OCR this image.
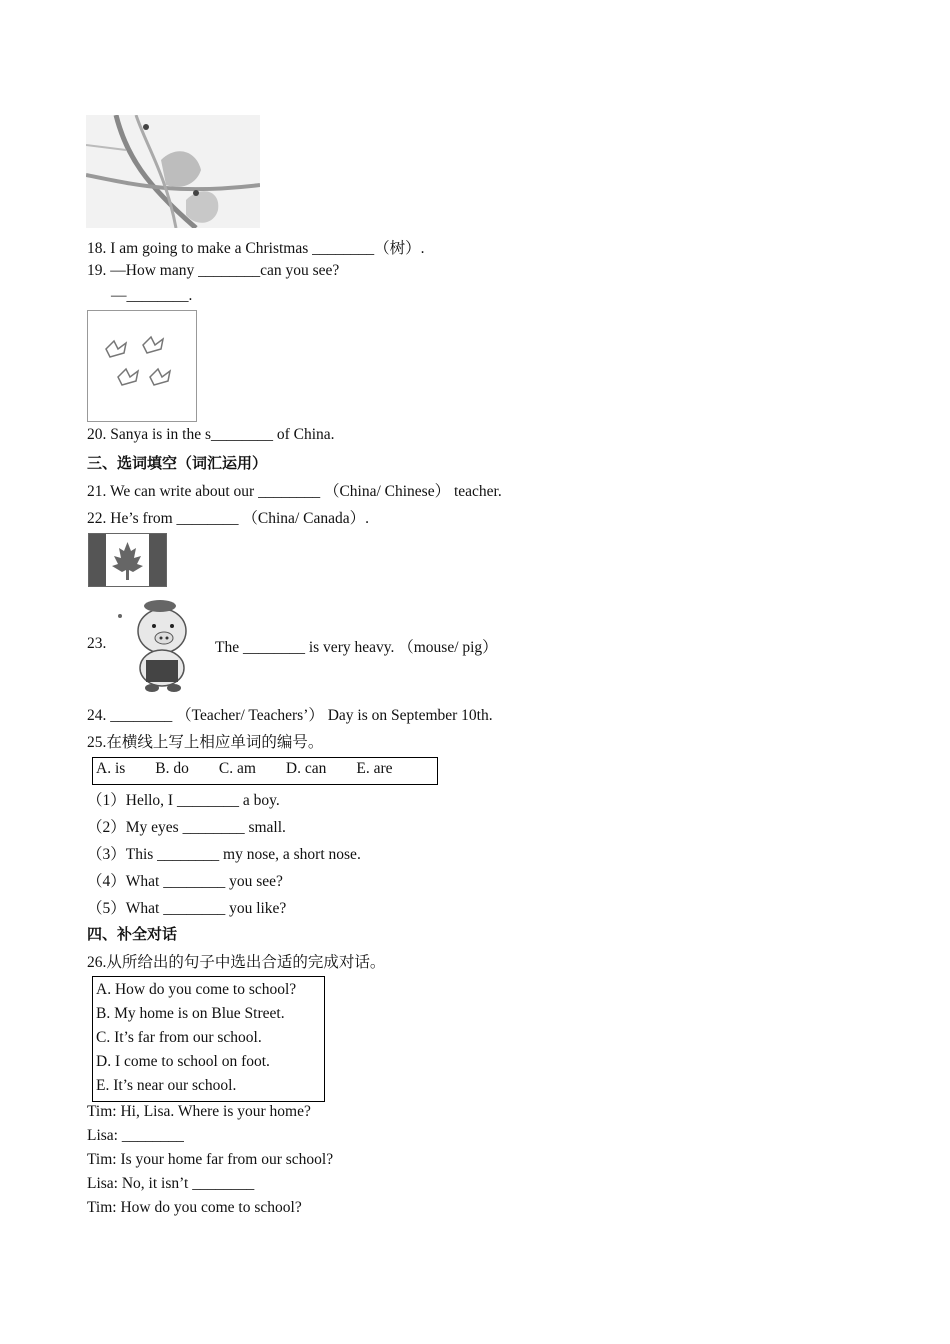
18. I am going to make a Christmas ________（树）.
19. —How many ________can you see?
—________.
20. Sanya is in the s________ of China.
三、选词填空（词汇运用）
21. We can write about our ________ （China/ Chinese） teacher.
22. He’s from ________ （China/ Canada）.
23.	The ________ is very heavy. （mouse/ pig）
24. ________ （Teacher/ Teachers’） Day is on September 10th.
25.在横线上写上相应单词的编号。
A. is B. do C. am D. can E. are
（1）Hello, I ________ a boy.
（2）My eyes ________ small.
（3）This ________ my nose, a short nose.
（4）What ________ you see?
（5）What ________ you like?
四、补全对话
26.从所给出的句子中选出合适的完成对话。
A. How do you come to school?
B. My home is on Blue Street.
C. It’s far from our school.
D. I come to school on foot.
E. It’s near our school.
Tim: Hi, Lisa. Where is your home?
Lisa: ________
Tim: Is your home far from our school?
Lisa: No, it isn’t ________
Tim: How do you come to school?
